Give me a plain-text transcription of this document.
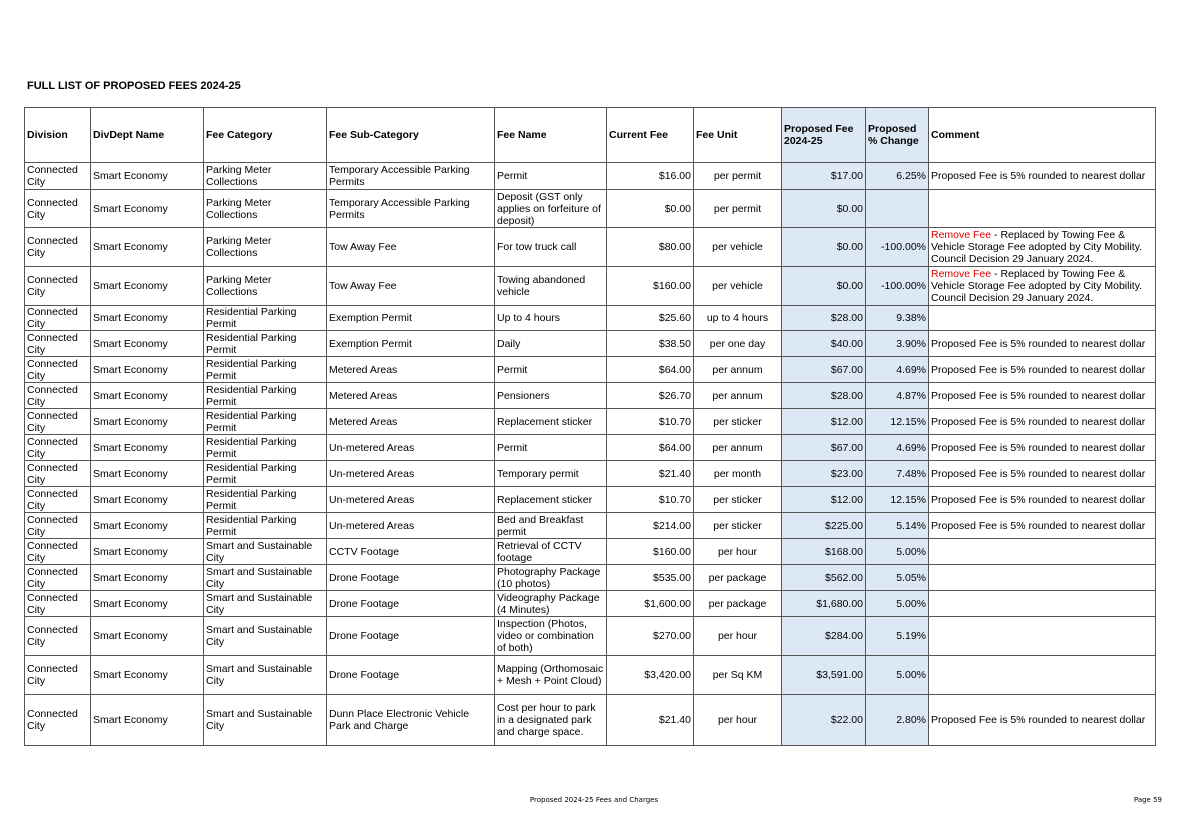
FULL LIST OF PROPOSED FEES 2024-25
Division	DivDept Name	Fee Category	Fee Sub-Category	Fee Name	Current Fee	Fee Unit	Proposed Fee 2024-25	Proposed % Change	Comment
Connected City	Smart Economy	Parking Meter Collections	Temporary Accessible Parking Permits	Permit	$16.00	per permit	$17.00	6.25%	Proposed Fee is 5% rounded to nearest dollar
Connected City	Smart Economy	Parking Meter Collections	Temporary Accessible Parking Permits	Deposit (GST only applies on forfeiture of deposit)	$0.00	per permit	$0.00		
Connected City	Smart Economy	Parking Meter Collections	Tow Away Fee	For tow truck call	$80.00	per vehicle	$0.00	-100.00%	Remove Fee - Replaced by Towing Fee & Vehicle Storage Fee adopted by City Mobility. Council Decision 29 January 2024.
Connected City	Smart Economy	Parking Meter Collections	Tow Away Fee	Towing abandoned vehicle	$160.00	per vehicle	$0.00	-100.00%	Remove Fee - Replaced by Towing Fee & Vehicle Storage Fee adopted by City Mobility. Council Decision 29 January 2024.
Connected City	Smart Economy	Residential Parking Permit	Exemption Permit	Up to 4 hours	$25.60	up to 4 hours	$28.00	9.38%	
Connected City	Smart Economy	Residential Parking Permit	Exemption Permit	Daily	$38.50	per one day	$40.00	3.90%	Proposed Fee is 5% rounded to nearest dollar
Connected City	Smart Economy	Residential Parking Permit	Metered Areas	Permit	$64.00	per annum	$67.00	4.69%	Proposed Fee is 5% rounded to nearest dollar
Connected City	Smart Economy	Residential Parking Permit	Metered Areas	Pensioners	$26.70	per annum	$28.00	4.87%	Proposed Fee is 5% rounded to nearest dollar
Connected City	Smart Economy	Residential Parking Permit	Metered Areas	Replacement sticker	$10.70	per sticker	$12.00	12.15%	Proposed Fee is 5% rounded to nearest dollar
Connected City	Smart Economy	Residential Parking Permit	Un-metered Areas	Permit	$64.00	per annum	$67.00	4.69%	Proposed Fee is 5% rounded to nearest dollar
Connected City	Smart Economy	Residential Parking Permit	Un-metered Areas	Temporary permit	$21.40	per month	$23.00	7.48%	Proposed Fee is 5% rounded to nearest dollar
Connected City	Smart Economy	Residential Parking Permit	Un-metered Areas	Replacement sticker	$10.70	per sticker	$12.00	12.15%	Proposed Fee is 5% rounded to nearest dollar
Connected City	Smart Economy	Residential Parking Permit	Un-metered Areas	Bed and Breakfast permit	$214.00	per sticker	$225.00	5.14%	Proposed Fee is 5% rounded to nearest dollar
Connected City	Smart Economy	Smart and Sustainable City	CCTV Footage	Retrieval of CCTV footage	$160.00	per hour	$168.00	5.00%	
Connected City	Smart Economy	Smart and Sustainable City	Drone Footage	Photography Package (10 photos)	$535.00	per package	$562.00	5.05%	
Connected City	Smart Economy	Smart and Sustainable City	Drone Footage	Videography Package (4 Minutes)	$1,600.00	per package	$1,680.00	5.00%	
Connected City	Smart Economy	Smart and Sustainable City	Drone Footage	Inspection (Photos, video or combination of both)	$270.00	per hour	$284.00	5.19%	
Connected City	Smart Economy	Smart and Sustainable City	Drone Footage	Mapping (Orthomosaic + Mesh + Point Cloud)	$3,420.00	per Sq KM	$3,591.00	5.00%	
Connected City	Smart Economy	Smart and Sustainable City	Dunn Place Electronic Vehicle Park and Charge	Cost per hour to park in a designated park and charge space.	$21.40	per hour	$22.00	2.80%	Proposed Fee is 5% rounded to nearest dollar
Proposed 2024-25 Fees and Charges	Page 59
